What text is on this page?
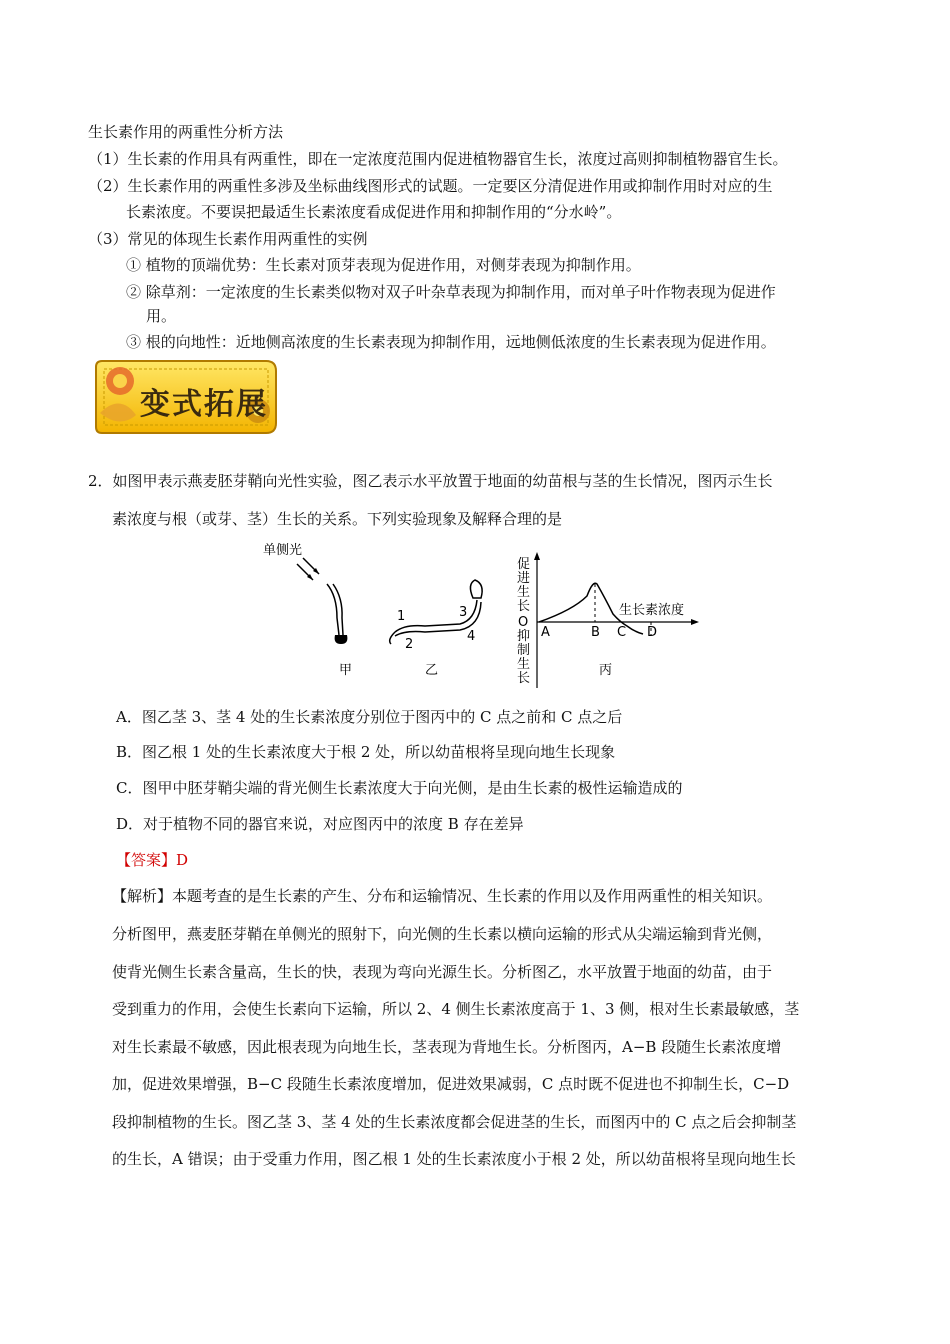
生长素作用的两重性分析方法
（1）生长素的作用具有两重性，即在一定浓度范围内促进植物器官生长，浓度过高则抑制植物器官生长。
（2）生长素作用的两重性多涉及坐标曲线图形式的试题。一定要区分清促进作用或抑制作用时对应的生
长素浓度。不要误把最适生长素浓度看成促进作用和抑制作用的“分水岭”。
（3）常见的体现生长素作用两重性的实例
① 植物的顶端优势：生长素对顶芽表现为促进作用，对侧芽表现为抑制作用。
② 除草剂：一定浓度的生长素类似物对双子叶杂草表现为抑制作用，而对单子叶作物表现为促进作
用。
③ 根的向地性：近地侧高浓度的生长素表现为抑制作用，远地侧低浓度的生长素表现为促进作用。
变式拓展
2．如图甲表示燕麦胚芽鞘向光性实验，图乙表示水平放置于地面的幼苗根与茎的生长情况，图丙示生长
素浓度与根（或芽、茎）生长的关系。下列实验现象及解释合理的是
单侧光
甲
1
2
3
4
乙
促
进
生
长
O
抑
制
生
长
A	B C D
生长素浓度
丙
A．图乙茎 3、茎 4 处的生长素浓度分别位于图丙中的 C 点之前和 C 点之后
B．图乙根 1 处的生长素浓度大于根 2 处，所以幼苗根将呈现向地生长现象
C．图甲中胚芽鞘尖端的背光侧生长素浓度大于向光侧，是由生长素的极性运输造成的
D．对于植物不同的器官来说，对应图丙中的浓度 B 存在差异
【答案】D
【解析】本题考查的是生长素的产生、分布和运输情况、生长素的作用以及作用两重性的相关知识。
分析图甲，燕麦胚芽鞘在单侧光的照射下，向光侧的生长素以横向运输的形式从尖端运输到背光侧，
使背光侧生长素含量高，生长的快，表现为弯向光源生长。分析图乙，水平放置于地面的幼苗，由于
受到重力的作用，会使生长素向下运输，所以 2、4 侧生长素浓度高于 1、3 侧，根对生长素最敏感，茎
对生长素最不敏感，因此根表现为向地生长，茎表现为背地生长。分析图丙，A−B 段随生长素浓度增
加，促进效果增强，B−C 段随生长素浓度增加，促进效果减弱，C 点时既不促进也不抑制生长，C−D
段抑制植物的生长。图乙茎 3、茎 4 处的生长素浓度都会促进茎的生长，而图丙中的 C 点之后会抑制茎
的生长，A 错误；由于受重力作用，图乙根 1 处的生长素浓度小于根 2 处，所以幼苗根将呈现向地生长
